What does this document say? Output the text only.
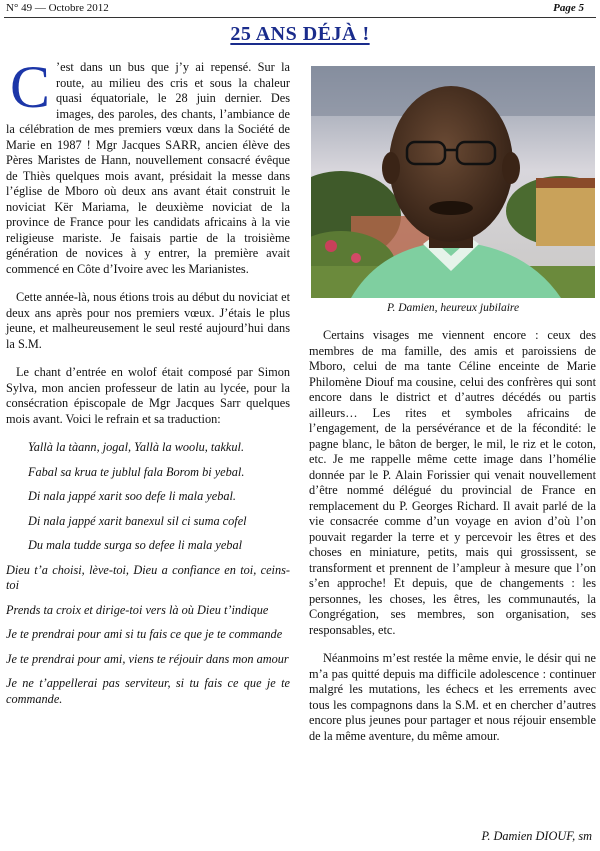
N° 49 — Octobre 2012	Page 5
25 ANS DÉJÀ !

C ’est dans un bus que j’y ai repensé. Sur la route, au milieu des cris et sous la chaleur quasi équatoriale, le 28 juin dernier. Des images, des paroles, des chants, l’ambiance de la célébration de mes premiers vœux dans la Société de Marie en 1987 ! Mgr Jacques SARR, ancien élève des Pères Maristes de Hann, nouvellement consacré évêque de Thiès quelques mois avant, présidait la messe dans l’église de Mboro où deux ans avant était construit le noviciat Kër Mariama, le deuxième noviciat de la province de France pour les candidats africains à la vie religieuse mariste. Je faisais partie de la troisième génération de novices à y entrer, la première avait commencé en Côte d’Ivoire avec les Marianistes.

Cette année-là, nous étions trois au début du noviciat et deux ans après pour nos premiers vœux. J’étais le plus jeune, et malheureusement le seul resté aujourd’hui dans la S.M.

Le chant d’entrée en wolof était composé par Simon Sylva, mon ancien professeur de latin au lycée, pour la consécration épiscopale de Mgr Jacques Sarr quelques mois avant. Voici le refrain et sa traduction:

Yallà la tàann, jogal, Yallà la woolu, takkul.
Fabal sa krua te jublul fala Borom bi yebal.
Di nala jappé xarit soo defe li mala yebal.
Di nala jappé xarit banexul sil ci suma cofel
Du mala tudde surga so defee li mala yebal
Dieu t’a choisi, lève-toi, Dieu a confiance en toi, ceins-toi
Prends ta croix et dirige-toi vers là où Dieu t’indique
Je te prendrai pour ami si tu fais ce que je te commande
Je te prendrai pour ami, viens te réjouir dans mon amour
Je ne t’appellerai pas serviteur, si tu fais ce que je te commande.
P. Damien, heureux jubilaire

Certains visages me viennent encore : ceux des membres de ma famille, des amis et paroissiens de Mboro, celui de ma tante Céline enceinte de Marie Philomène Diouf ma cousine, celui des confrères qui sont encore dans le district et d’autres décédés ou partis ailleurs… Les rites et symboles africains de l’engagement, de la persévérance et de la fécondité: le pagne blanc, le bâton de berger, le mil, le riz et le coton, etc. Je me rappelle même cette image dans l’homélie donnée par le P. Alain Forissier qui venait nouvellement d’être nommé délégué du provincial de France en remplacement du P. Georges Richard. Il avait parlé de la vie consacrée comme d’un voyage en avion d’où l’on pouvait regarder la terre et y percevoir les êtres et des choses en miniature, petits, mais qui grossissent, se transforment et prennent de l’ampleur à mesure que l’on s’en approche! Et depuis, que de changements : les personnes, les choses, les êtres, les communautés, la Congrégation, ses membres, son organisation, ses responsables, etc.

Néanmoins m’est restée la même envie, le désir qui ne m’a pas quitté depuis ma difficile adolescence : continuer malgré les mutations, les échecs et les errements avec tous les compagnons dans la S.M. et en chercher d’autres encore plus jeunes pour partager et nous réjouir ensemble de la même aventure, du même amour.

P. Damien DIOUF, sm
